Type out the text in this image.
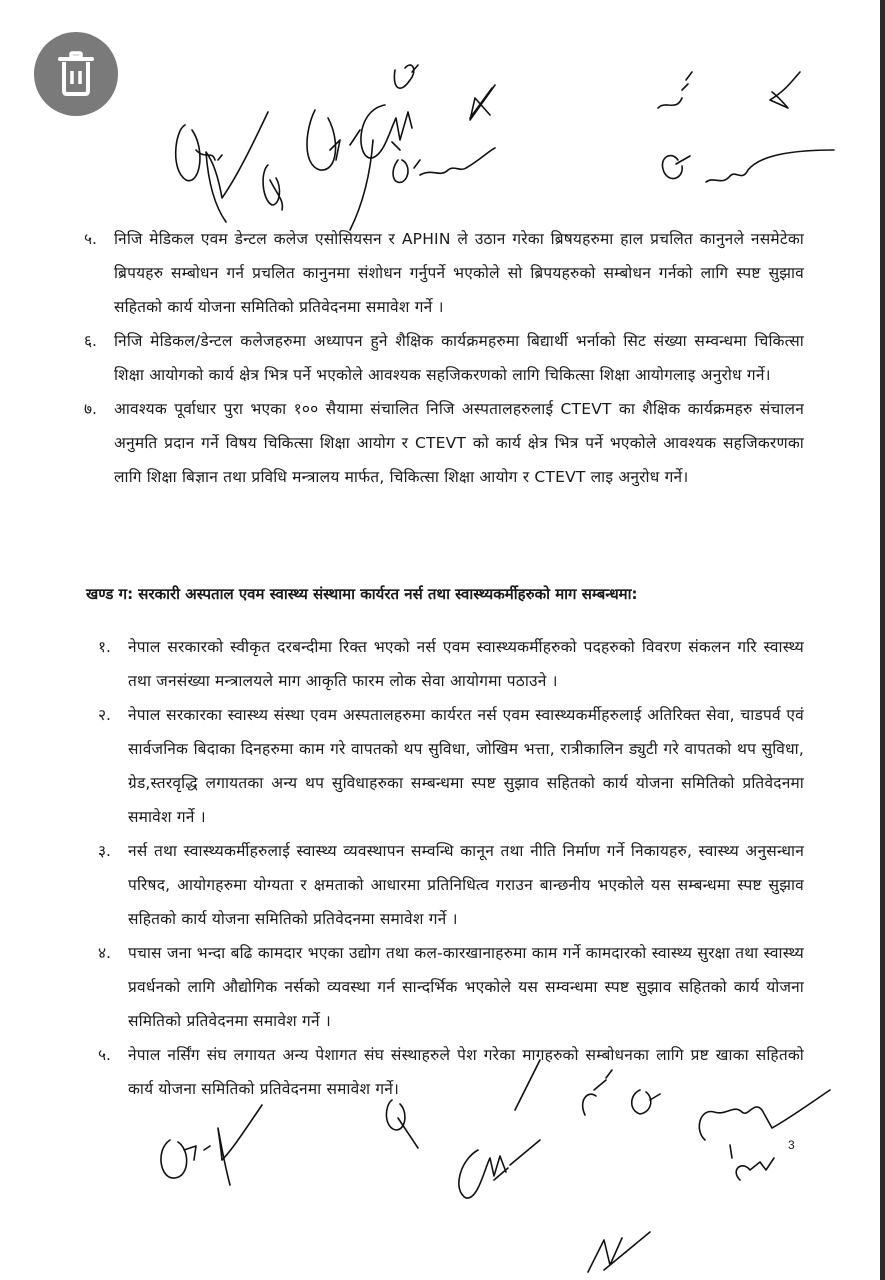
५.	निजि मेडिकल एवम डेन्टल कलेज एसोसियसन र APHIN ले उठान गरेका ब्रिषयहरुमा हाल प्रचलित कानुनले नसमेटेका ब्रिपयहरु सम्बोधन गर्न प्रचलित कानुनमा संशोधन गर्नुपर्ने भएकोले सो ब्रिपयहरुको सम्बोधन गर्नको लागि स्पष्ट सुझाव सहितको कार्य योजना समितिको प्रतिवेदनमा समावेश गर्ने ।
६.	निजि मेडिकल/डेन्टल कलेजहरुमा अध्यापन हुने शैक्षिक कार्यक्रमहरुमा बिद्यार्थी भर्नाको सिट संख्या सम्वन्धमा चिकित्सा शिक्षा आयोगको कार्य क्षेत्र भित्र पर्ने भएकोले आवश्यक सहजिकरणको लागि चिकित्सा शिक्षा आयोगलाइ अनुरोध गर्ने।
७.	आवश्यक पूर्वाधार पुरा भएका १०० सैयामा संचालित निजि अस्पतालहरुलाई CTEVT का शैक्षिक कार्यक्रमहरु संचालन अनुमति प्रदान गर्ने विषय चिकित्सा शिक्षा आयोग र CTEVT को कार्य क्षेत्र भित्र पर्ने भएकोले आवश्यक सहजिकरणका लागि शिक्षा बिज्ञान तथा प्रविधि मन्त्रालय मार्फत, चिकित्सा शिक्षा आयोग र CTEVT लाइ अनुरोध गर्ने।
खण्ड ग: सरकारी अस्पताल एवम स्वास्थ्य संस्थामा कार्यरत नर्स तथा स्वास्थ्यकर्मीहरुको माग सम्बन्धमा:
१.	नेपाल सरकारको स्वीकृत दरबन्दीमा रिक्त भएको नर्स एवम स्वास्थ्यकर्मीहरुको पदहरुको विवरण संकलन गरि स्वास्थ्य तथा जनसंख्या मन्त्रालयले माग आकृति फारम लोक सेवा आयोगमा पठाउने ।
२.	नेपाल सरकारका स्वास्थ्य संस्था एवम अस्पतालहरुमा कार्यरत नर्स एवम स्वास्थ्यकर्मीहरुलाई अतिरिक्त सेवा, चाडपर्व एवं सार्वजनिक बिदाका दिनहरुमा काम गरे वापतको थप सुविधा, जोखिम भत्ता, रात्रीकालिन ड्युटी गरे वापतको थप सुविधा, ग्रेड,स्तरवृद्धि लगायतका अन्य थप सुविधाहरुका सम्बन्धमा स्पष्ट सुझाव सहितको कार्य योजना समितिको प्रतिवेदनमा समावेश गर्ने ।
३.	नर्स तथा स्वास्थ्यकर्मीहरुलाई स्वास्थ्य व्यवस्थापन सम्वन्धि कानून तथा नीति निर्माण गर्ने निकायहरु, स्वास्थ्य अनुसन्धान परिषद, आयोगहरुमा योग्यता र क्षमताको आधारमा प्रतिनिधित्व गराउन बान्छनीय भएकोले यस सम्बन्धमा स्पष्ट सुझाव सहितको कार्य योजना समितिको प्रतिवेदनमा समावेश गर्ने ।
४.	पचास जना भन्दा बढि कामदार भएका उद्योग तथा कल-कारखानाहरुमा काम गर्ने कामदारको स्वास्थ्य सुरक्षा तथा स्वास्थ्य प्रवर्धनको लागि औद्योगिक नर्सको व्यवस्था गर्न सान्दर्भिक भएकोले यस सम्वन्धमा स्पष्ट सुझाव सहितको कार्य योजना समितिको प्रतिवेदनमा समावेश गर्ने ।
५.	नेपाल नर्सिंग संघ लगायत अन्य पेशागत संघ संस्थाहरुले पेश गरेका मागहरुको सम्बोधनका लागि प्रष्ट खाका सहितको कार्य योजना समितिको प्रतिवेदनमा समावेश गर्ने।
3
